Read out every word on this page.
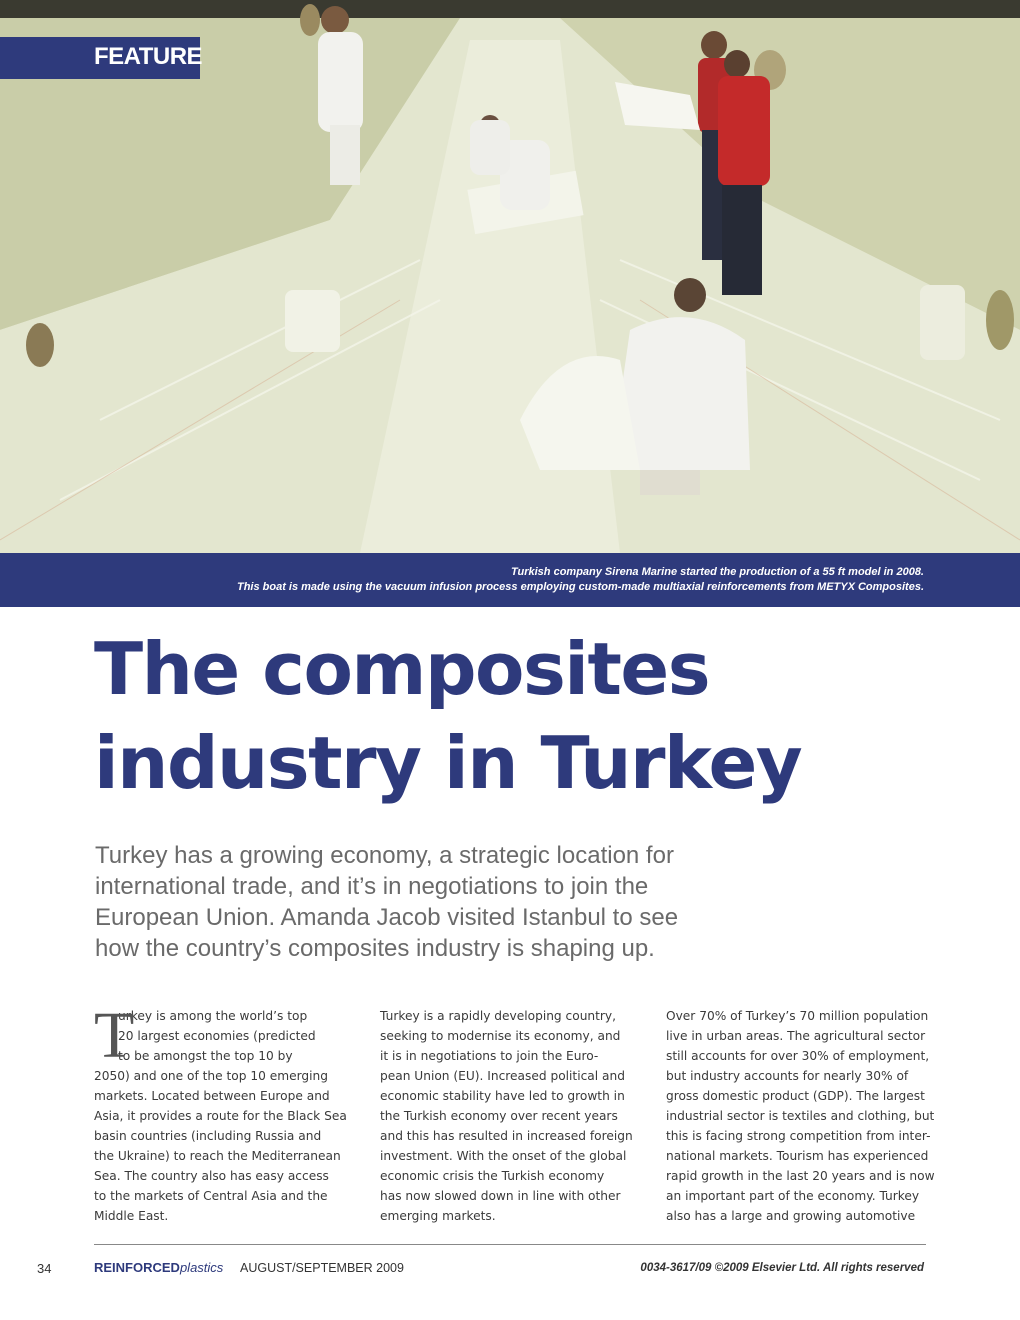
FEATURE

Turkish company Sirena Marine started the production of a 55 ft model in 2008.

This boat is made using the vacuum infusion process employing custom-made multiaxial reinforcements from METYX Composites.

The composites
industry in Turkey
Turkey has a growing economy, a strategic location for
international trade, and it’s in negotiations to join the
European Union. Amanda Jacob visited Istanbul to see
how the country’s composites industry is shaping up.
T
urkey is among the world’s top
20 largest economies (predicted
to be amongst the top 10 by
2050) and one of the top 10 emerging
markets. Located between Europe and
Asia, it provides a route for the Black Sea
basin countries (including Russia and
the Ukraine) to reach the Mediterranean
Sea. The country also has easy access
to the markets of Central Asia and the
Middle East.
Turkey is a rapidly developing country,
seeking to modernise its economy, and
it is in negotiations to join the Euro-
pean Union (EU). Increased political and
economic stability have led to growth in
the Turkish economy over recent years
and this has resulted in increased foreign
investment. With the onset of the global
economic crisis the Turkish economy
has now slowed down in line with other
emerging markets.
Over 70% of Turkey’s 70 million population
live in urban areas. The agricultural sector
still accounts for over 30% of employment,
but industry accounts for nearly 30% of
gross domestic product (GDP). The largest
industrial sector is textiles and clothing, but
this is facing strong competition from inter-
national markets. Tourism has experienced
rapid growth in the last 20 years and is now
an important part of the economy. Turkey
also has a large and growing automotive
34	REINFORCEDplastics AUGUST/SEPTEMBER 2009	0034-3617/09 ©2009 Elsevier Ltd. All rights reserved
